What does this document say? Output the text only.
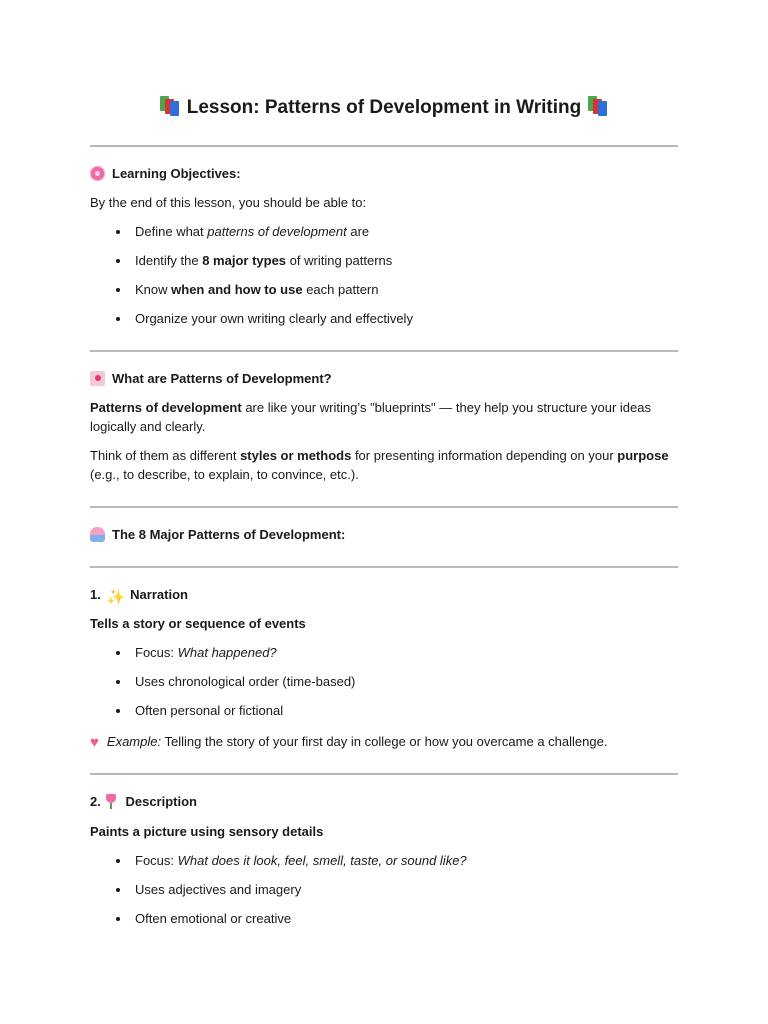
Lesson: Patterns of Development in Writing
Learning Objectives:
By the end of this lesson, you should be able to:
Define what patterns of development are
Identify the 8 major types of writing patterns
Know when and how to use each pattern
Organize your own writing clearly and effectively
What are Patterns of Development?
Patterns of development are like your writing’s "blueprints" — they help you structure your ideas
logically and clearly.
Think of them as different styles or methods for presenting information depending on your purpose
(e.g., to describe, to explain, to convince, etc.).
The 8 Major Patterns of Development:
1. ✨ Narration
Tells a story or sequence of events
Focus: What happened?
Uses chronological order (time-based)
Often personal or fictional
♥ Example: Telling the story of your first day in college or how you overcame a challenge.
2. Description
Paints a picture using sensory details
Focus: What does it look, feel, smell, taste, or sound like?
Uses adjectives and imagery
Often emotional or creative
